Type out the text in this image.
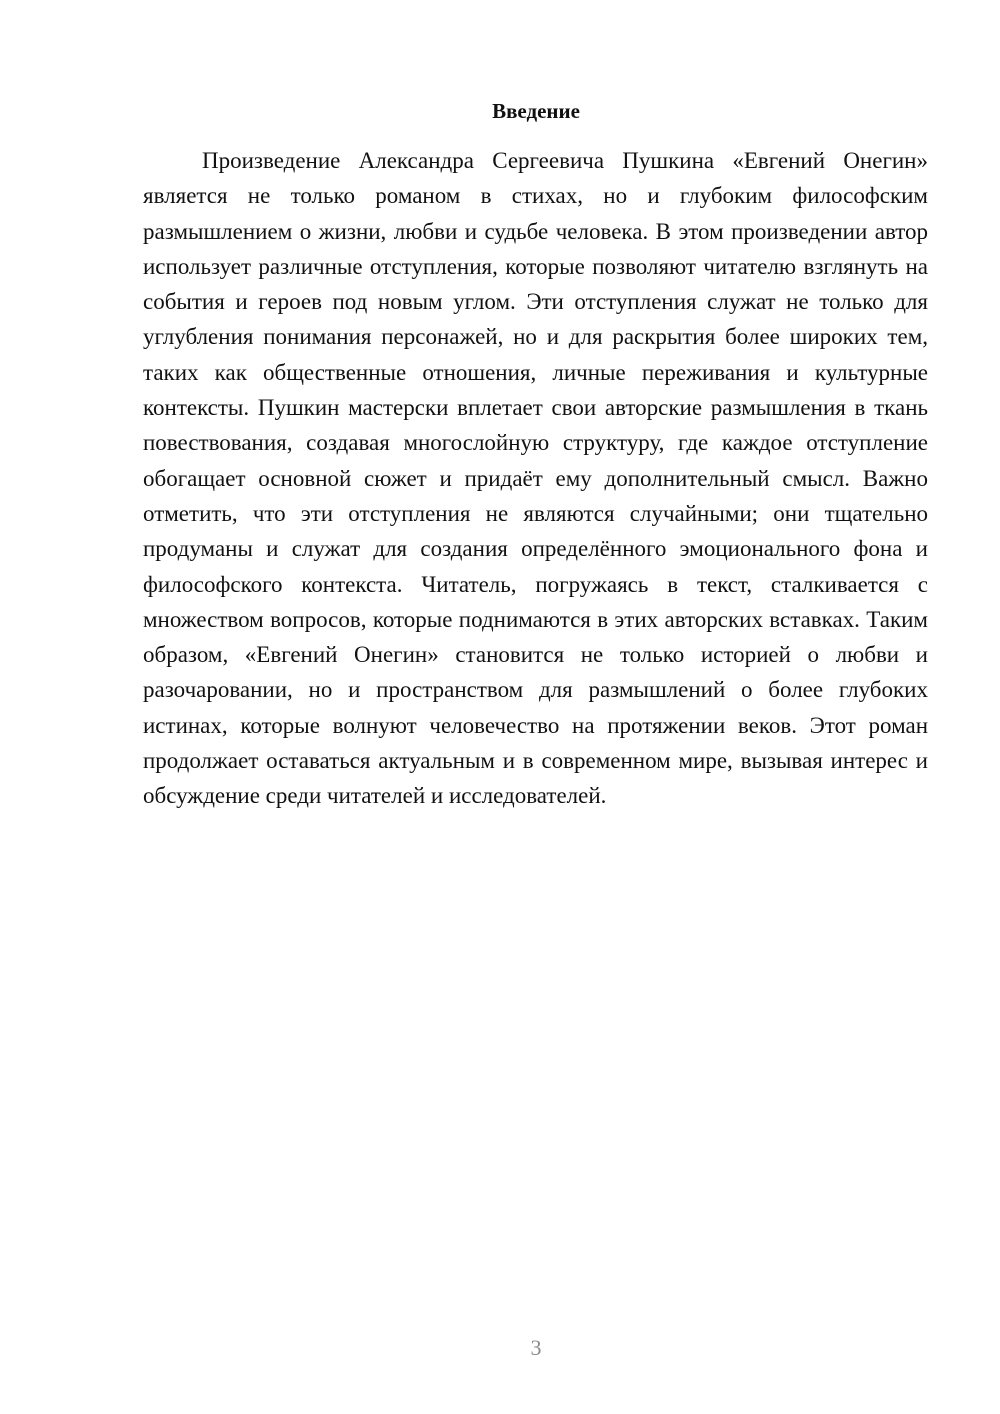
Введение

Произведение Александра Сергеевича Пушкина «Евгений Онегин» является не только романом в стихах, но и глубоким философским размышлением о жизни, любви и судьбе человека. В этом произведении автор использует различные отступления, которые позволяют читателю взглянуть на события и героев под новым углом. Эти отступления служат не только для углубления понимания персонажей, но и для раскрытия более широких тем, таких как общественные отношения, личные переживания и культурные контексты. Пушкин мастерски вплетает свои авторские размышления в ткань повествования, создавая многослойную структуру, где каждое отступление обогащает основной сюжет и придаёт ему дополнительный смысл. Важно отметить, что эти отступления не являются случайными; они тщательно продуманы и служат для создания определённого эмоционального фона и философского контекста. Читатель, погружаясь в текст, сталкивается с множеством вопросов, которые поднимаются в этих авторских вставках. Таким образом, «Евгений Онегин» становится не только историей о любви и разочаровании, но и пространством для размышлений о более глубоких истинах, которые волнуют человечество на протяжении веков. Этот роман продолжает оставаться актуальным и в современном мире, вызывая интерес и обсуждение среди читателей и исследователей.

3
